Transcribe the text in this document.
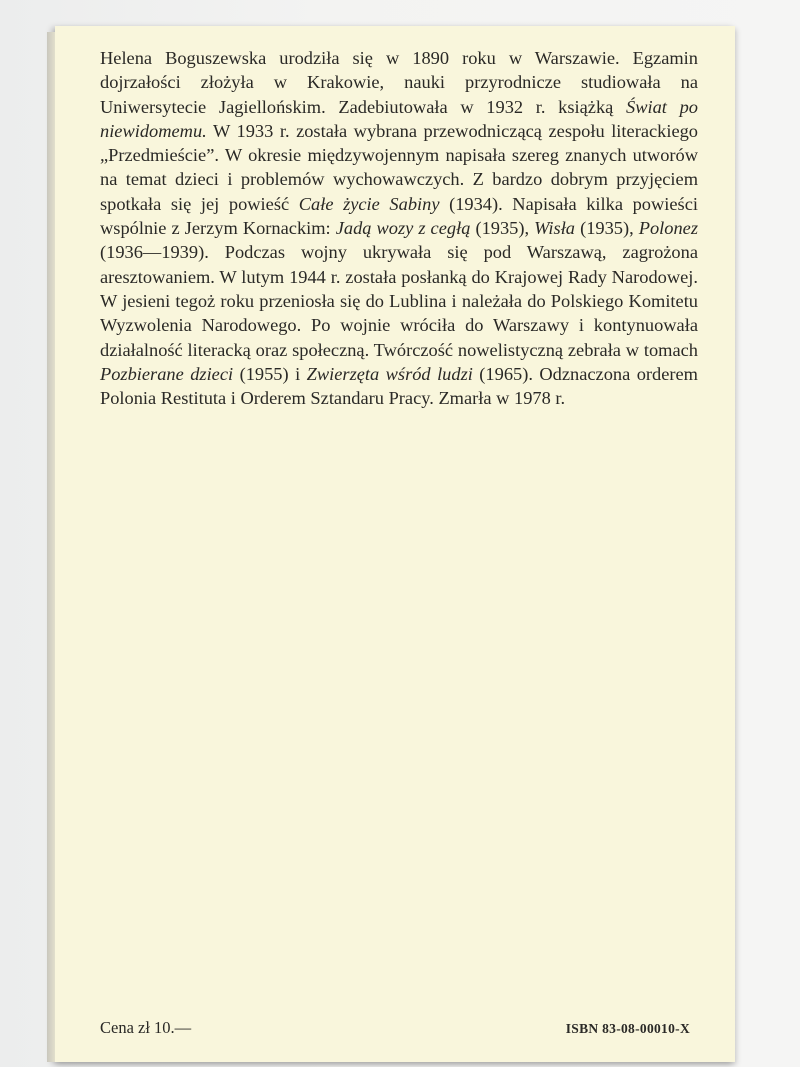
Helena Boguszewska urodziła się w 1890 roku w Warszawie. Egzamin dojrzałości złożyła w Krakowie, nauki przyrodnicze studiowała na Uniwersytecie Jagiellońskim. Zadebiutowała w 1932 r. książką Świat po niewidomemu. W 1933 r. została wybrana przewodniczącą zespołu literackiego „Przedmieście”. W okresie międzywojennym napisała szereg znanych utworów na temat dzieci i problemów wychowawczych. Z bardzo dobrym przyjęciem spotkała się jej powieść Całe życie Sabiny (1934). Napisała kilka powieści wspólnie z Jerzym Kornackim: Jadą wozy z cegłą (1935), Wisła (1935), Polonez (1936—1939). Podczas wojny ukrywała się pod Warszawą, zagrożona aresztowaniem. W lutym 1944 r. została posłanką do Krajowej Rady Narodowej. W jesieni tegoż roku przeniosła się do Lublina i należała do Polskiego Komitetu Wyzwolenia Narodowego. Po wojnie wróciła do Warszawy i kontynuowała działalność literacką oraz społeczną. Twórczość nowelistyczną zebrała w tomach Pozbierane dzieci (1955) i Zwierzęta wśród ludzi (1965). Odznaczona orderem Polonia Restituta i Orderem Sztandaru Pracy. Zmarła w 1978 r.

Cena zł 10.—	ISBN 83-08-00010-X
